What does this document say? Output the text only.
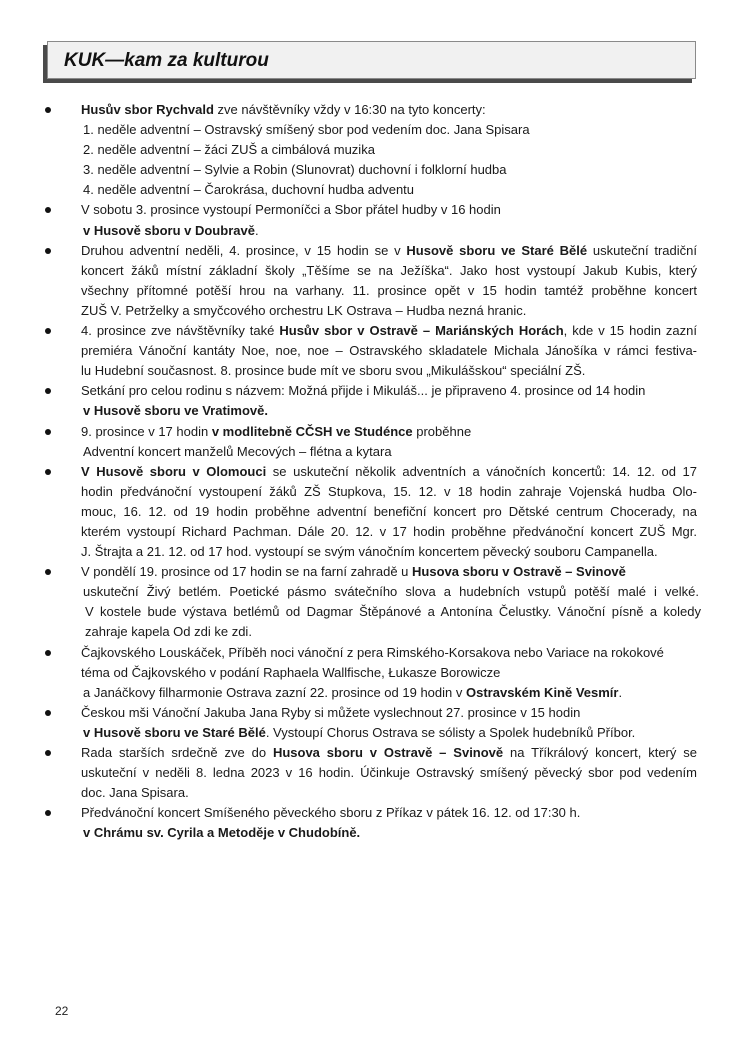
KUK—kam za kulturou
Husův sbor Rychvald zve návštěvníky vždy v 16:30 na tyto koncerty:
1. neděle adventní – Ostravský smíšený sbor pod vedením doc. Jana Spisara
2. neděle adventní – žáci ZUŠ a cimbálová muzika
3. neděle adventní – Sylvie a Robin (Slunovrat) duchovní i folklorní hudba
4. neděle adventní – Čarokrása, duchovní hudba adventu
V sobotu 3. prosince vystoupí Permoníčci a Sbor přátel hudby v 16 hodin
v Husově sboru v Doubravě.
Druhou adventní neděli, 4. prosince, v 15 hodin se v Husově sboru ve Staré Bělé uskuteční tradiční
koncert žáků místní základní školy „Těšíme se na Ježíška“. Jako host vystoupí Jakub Kubis, který
všechny přítomné potěší hrou na varhany. 11. prosince opět v 15 hodin tamtéž proběhne koncert
ZUŠ V. Petrželky a smyčcového orchestru LK Ostrava – Hudba nezná hranic.
4. prosince zve návštěvníky také Husův sbor v Ostravě – Mariánských Horách, kde v 15 hodin zazní
premiéra Vánoční kantáty Noe, noe, noe – Ostravského skladatele Michala Jánošíka v rámci festiva-
lu Hudební současnost. 8. prosince bude mít ve sboru svou „Mikulášskou“ speciální ZŠ.
Setkání pro celou rodinu s názvem: Možná přijde i Mikuláš... je připraveno 4. prosince od 14 hodin
v Husově sboru ve Vratimově.
9. prosince v 17 hodin v modlitebně CČSH ve Studénce proběhne
Adventní koncert manželů Mecových – flétna a kytara
V Husově sboru v Olomouci se uskuteční několik adventních a vánočních koncertů: 14. 12. od 17
hodin předvánoční vystoupení žáků ZŠ Stupkova, 15. 12. v 18 hodin zahraje Vojenská hudba Olo-
mouc, 16. 12. od 19 hodin proběhne adventní benefiční koncert pro Dětské centrum Chocerady, na
kterém vystoupí Richard Pachman. Dále 20. 12. v 17 hodin proběhne předvánoční koncert ZUŠ Mgr.
J. Štrajta a 21. 12. od 17 hod. vystoupí se svým vánočním koncertem pěvecký souboru Campanella.
V pondělí 19. prosince od 17 hodin se na farní zahradě u Husova sboru v Ostravě – Svinově
uskuteční Živý betlém. Poetické pásmo svátečního slova a hudebních vstupů potěší malé i velké.
V kostele bude výstava betlémů od Dagmar Štěpánové a Antonína Čelustky. Vánoční písně a koledy
zahraje kapela Od zdi ke zdi.
Čajkovského Louskáček, Příběh noci vánoční z pera Rimského-Korsakova nebo Variace na rokokové
téma od Čajkovského v podání Raphaela Wallfische, Łukasze Borowicze
a Janáčkovy filharmonie Ostrava zazní 22. prosince od 19 hodin v Ostravském Kině Vesmír.
Českou mši Vánoční Jakuba Jana Ryby si můžete vyslechnout 27. prosince v 15 hodin
v Husově sboru ve Staré Bělé. Vystoupí Chorus Ostrava se sólisty a Spolek hudebníků Příbor.
Rada starších srdečně zve do Husova sboru v Ostravě – Svinově na Tříkrálový koncert, který se
uskuteční v neděli 8. ledna 2023 v 16 hodin. Účinkuje Ostravský smíšený pěvecký sbor pod vedením
doc. Jana Spisara.
Předvánoční koncert Smíšeného pěveckého sboru z Příkaz v pátek 16. 12. od 17:30 h.
v Chrámu sv. Cyrila a Metoděje v Chudobíně.
22
